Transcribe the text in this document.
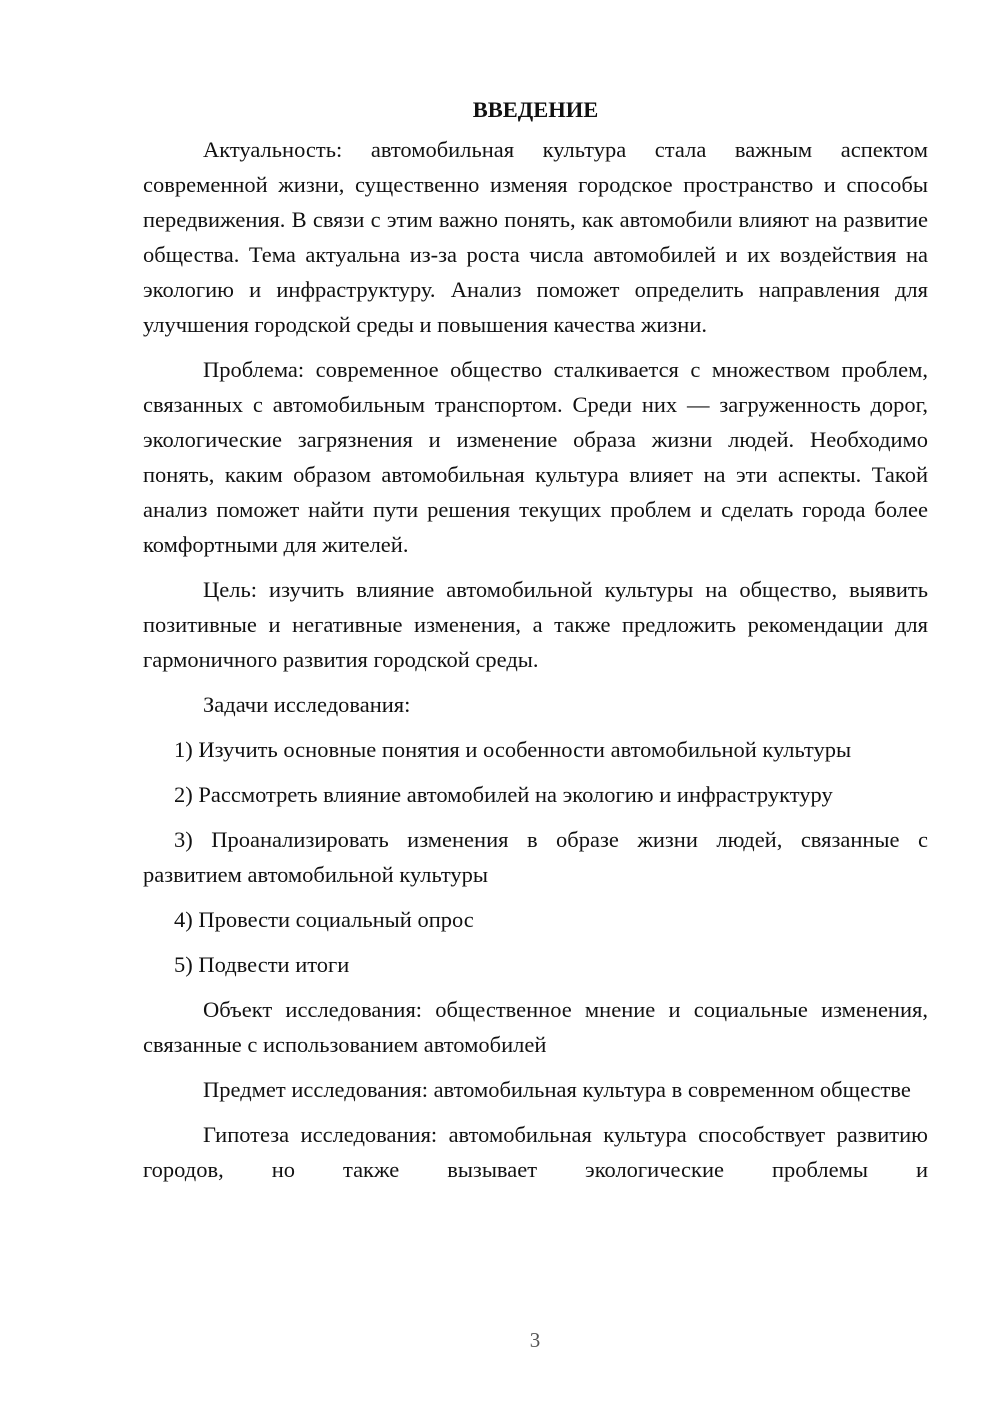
ВВЕДЕНИЕ

Актуальность: автомобильная культура стала важным аспектом современной жизни, существенно изменяя городское пространство и способы передвижения. В связи с этим важно понять, как автомобили влияют на развитие общества. Тема актуальна из-за роста числа автомобилей и их воздействия на экологию и инфраструктуру. Анализ поможет определить направления для улучшения городской среды и повышения качества жизни.

Проблема: современное общество сталкивается с множеством проблем, связанных с автомобильным транспортом. Среди них — загруженность дорог, экологические загрязнения и изменение образа жизни людей. Необходимо понять, каким образом автомобильная культура влияет на эти аспекты. Такой анализ поможет найти пути решения текущих проблем и сделать города более комфортными для жителей.

Цель: изучить влияние автомобильной культуры на общество, выявить позитивные и негативные изменения, а также предложить рекомендации для гармоничного развития городской среды.

Задачи исследования:

1) Изучить основные понятия и особенности автомобильной культуры

2) Рассмотреть влияние автомобилей на экологию и инфраструктуру

3) Проанализировать изменения в образе жизни людей, связанные с развитием автомобильной культуры

4) Провести социальный опрос

5) Подвести итоги

Объект исследования: общественное мнение и социальные изменения, связанные с использованием автомобилей

Предмет исследования: автомобильная культура в современном обществе

Гипотеза исследования: автомобильная культура способствует развитию городов, но также вызывает экологические проблемы и

3
